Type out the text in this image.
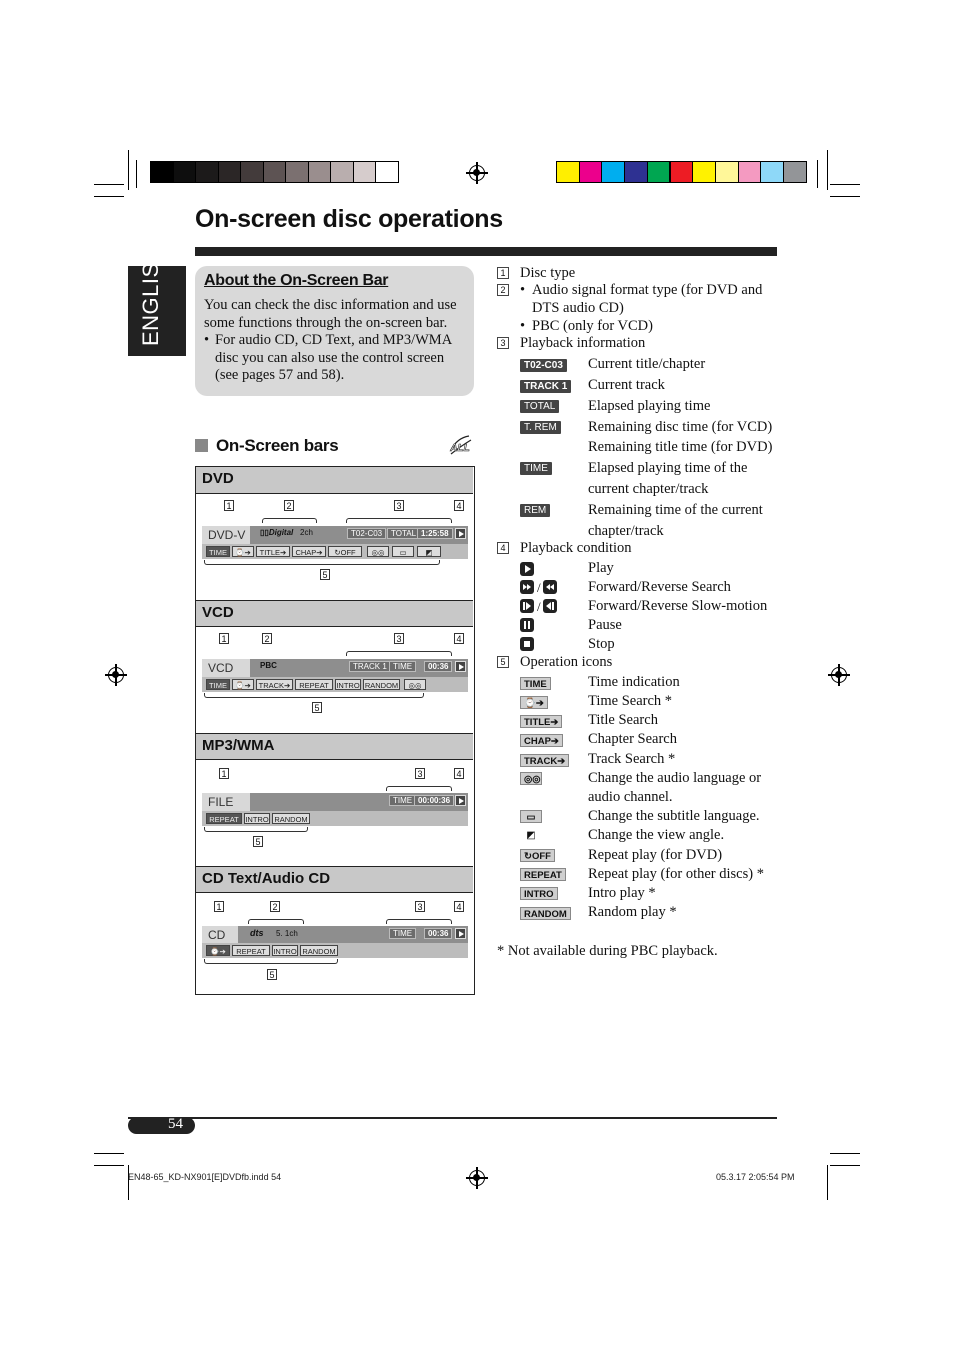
On-screen disc operations
ENGLISH	About the On-Screen Bar

You can check the disc information and use some functions through the on-screen bar.

• For audio CD, CD Text, and MP3/WMA disc you can also use the control screen (see pages 57 and 58).
On-Screen bars	ALL
DVD
1	2	3	4
DVD-V	▯▯Digital 2ch	T02-C03	TOTAL 1:25:58
TIME	⌚➔	TITLE➔	CHAP➔	↻OFF	◎◎	▭	◩
5
VCD
1	2	3	4
VCD	PBC	TRACK 1 TIME	00:36
TIME	⌚➔	TRACK➔	REPEAT	INTRO RANDOM	◎◎
5
MP3/WMA
1	3	4
FILE	TIME 00:00:36
REPEAT INTRO RANDOM
5
CD Text/Audio CD
1	2	3	4
CD	dts 5. 1ch	TIME	00:36
⌚➔	REPEAT	INTRO RANDOM
5
1 Disc type
2 • Audio signal format type (for DVD and
DTS audio CD)
• PBC (only for VCD)
3 Playback information
T02-C03 Current title/chapter
TRACK 1 Current track
TOTAL Elapsed playing time
T. REM Remaining disc time (for VCD)
Remaining title time (for DVD)
TIME	Elapsed playing time of the
current chapter/track
REM	Remaining time of the current
chapter/track
4 Playback condition
Play
/	Forward/Reverse Search
/	Forward/Reverse Slow-motion
Pause
Stop
5 Operation icons
TIME	Time indication
⌚➔	Time Search *
TITLE➔ Title Search
CHAP➔ Chapter Search
TRACK➔ Track Search *
◎◎	Change the audio language or
audio channel.
▭	Change the subtitle language.
◩	Change the view angle.
↻OFF	Repeat play (for DVD)
REPEAT Repeat play (for other discs) *
INTRO Intro play *
RANDOM Random play *
* Not available during PBC playback.
54
EN48-65_KD-NX901[E]DVDfb.indd 54	05.3.17 2:05:54 PM
